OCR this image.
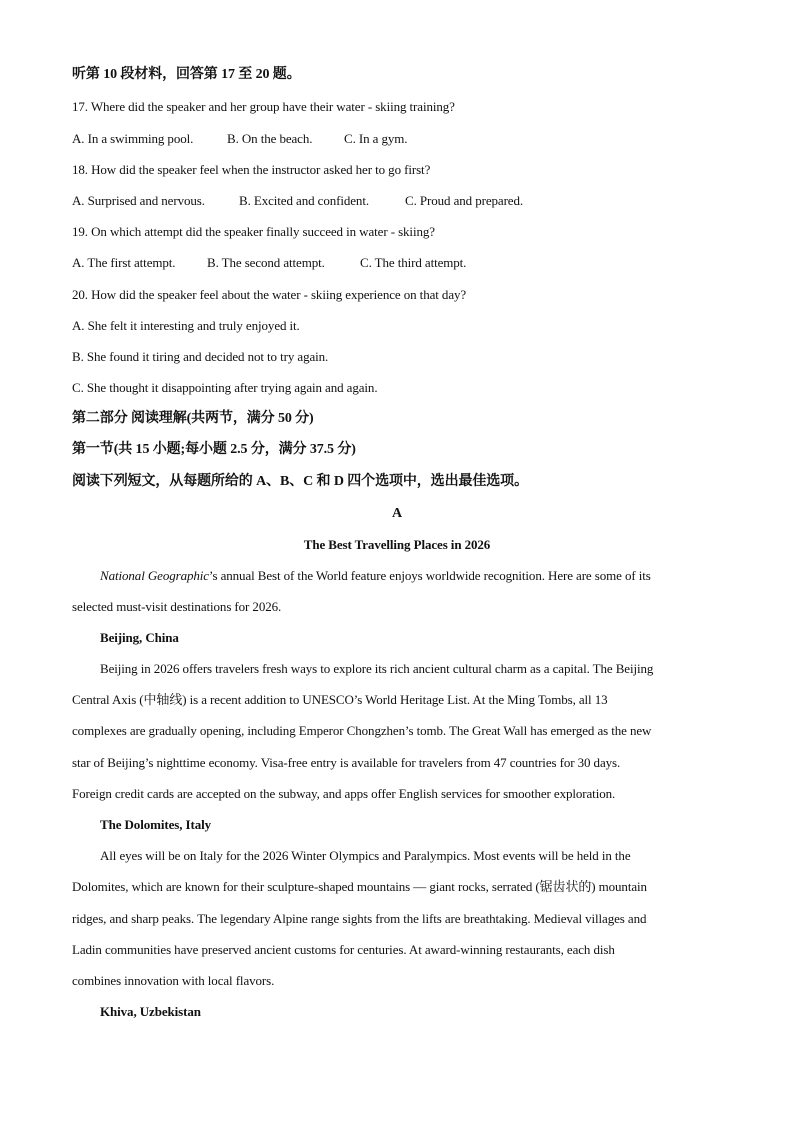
听第 10 段材料，回答第 17 至 20 题。
17. Where did the speaker and her group have their water - skiing training?
A. In a swimming pool.	B. On the beach. C. In a gym.
18. How did the speaker feel when the instructor asked her to go first?
A. Surprised and nervous.	B. Excited and confident.	C. Proud and prepared.
19. On which attempt did the speaker finally succeed in water - skiing?
A. The first attempt. B. The second attempt.	C. The third attempt.
20. How did the speaker feel about the water - skiing experience on that day?
A. She felt it interesting and truly enjoyed it.
B. She found it tiring and decided not to try again.
C. She thought it disappointing after trying again and again.
第二部分 阅读理解(共两节，满分 50 分)
第一节(共 15 小题;每小题 2.5 分，满分 37.5 分)
阅读下列短文，从每题所给的 A、B、C 和 D 四个选项中，选出最佳选项。
A
The Best Travelling Places in 2026
National Geographic’s annual Best of the World feature enjoys worldwide recognition. Here are some of its
selected must-visit destinations for 2026.
Beijing, China
Beijing in 2026 offers travelers fresh ways to explore its rich ancient cultural charm as a capital. The Beijing
Central Axis (中轴线) is a recent addition to UNESCO’s World Heritage List. At the Ming Tombs, all 13
complexes are gradually opening, including Emperor Chongzhen’s tomb. The Great Wall has emerged as the new
star of Beijing’s nighttime economy. Visa-free entry is available for travelers from 47 countries for 30 days.
Foreign credit cards are accepted on the subway, and apps offer English services for smoother exploration.
The Dolomites, Italy
All eyes will be on Italy for the 2026 Winter Olympics and Paralympics. Most events will be held in the
Dolomites, which are known for their sculpture-shaped mountains — giant rocks, serrated (锯齿状的) mountain
ridges, and sharp peaks. The legendary Alpine range sights from the lifts are breathtaking. Medieval villages and
Ladin communities have preserved ancient customs for centuries. At award-winning restaurants, each dish
combines innovation with local flavors.
Khiva, Uzbekistan
